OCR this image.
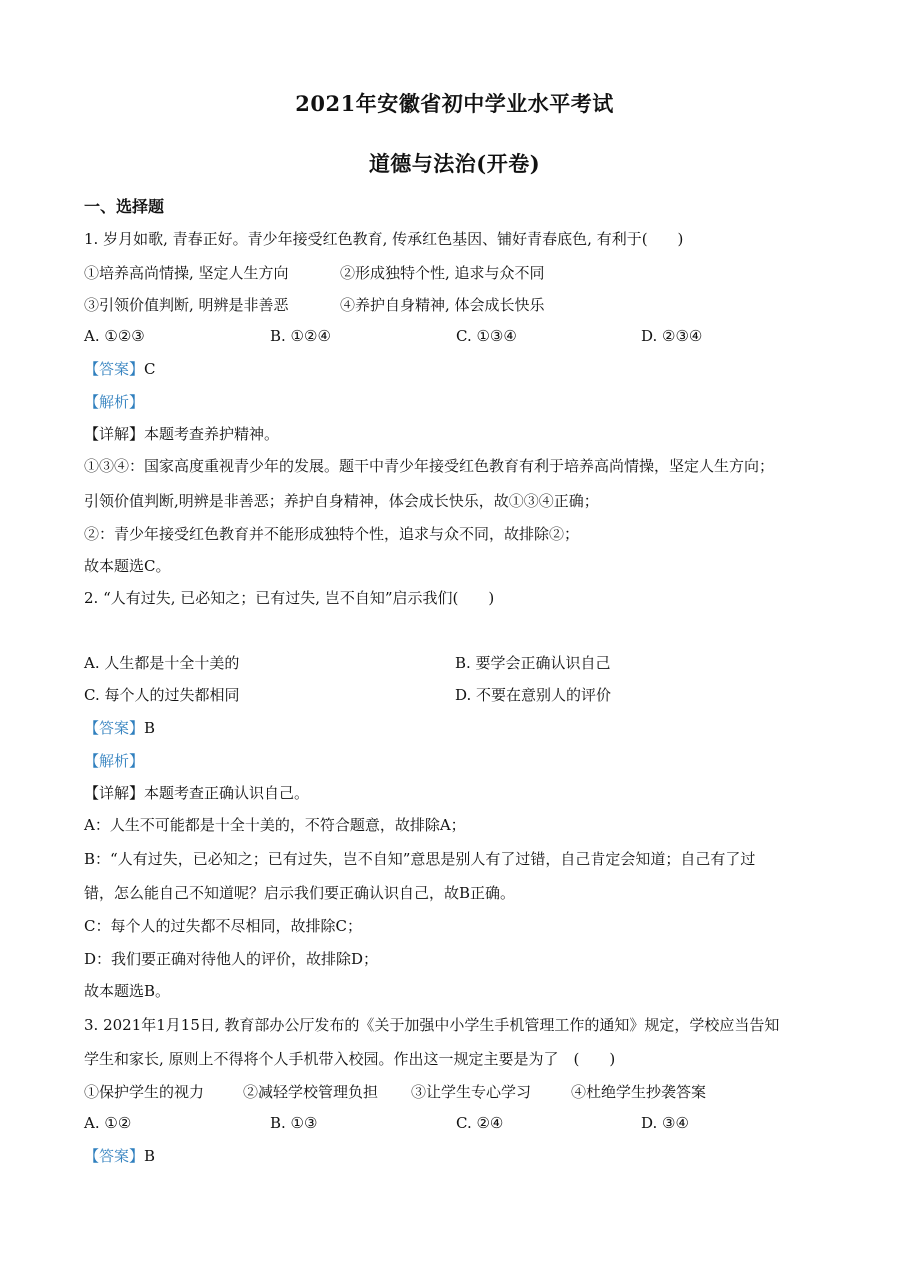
2021年安徽省初中学业水平考试
道德与法治(开卷)
一、选择题
1. 岁月如歌, 青春正好。青少年接受红色教育, 传承红色基因、铺好青春底色, 有利于(　　)
①培养高尚情操, 坚定人生方向	②形成独特个性, 追求与众不同
③引领价值判断, 明辨是非善恶	④养护自身精神, 体会成长快乐
A. ①②③	B. ①②④	C. ①③④	D. ②③④
【答案】C
【解析】
【详解】本题考查养护精神。
①③④：国家高度重视青少年的发展。题干中青少年接受红色教育有利于培养高尚情操，坚定人生方向；
引领价值判断,明辨是非善恶；养护自身精神，体会成长快乐，故①③④正确；
②：青少年接受红色教育并不能形成独特个性，追求与众不同，故排除②；
故本题选C。
2. “人有过失, 已必知之；已有过失, 岂不自知”启示我们(　　)
A. 人生都是十全十美的	B. 要学会正确认识自己
C. 每个人的过失都相同	D. 不要在意别人的评价
【答案】B
【解析】
【详解】本题考查正确认识自己。
A：人生不可能都是十全十美的，不符合题意，故排除A；
B：“人有过失，已必知之；已有过失，岂不自知”意思是别人有了过错，自己肯定会知道；自己有了过
错，怎么能自己不知道呢？启示我们要正确认识自己，故B正确。
C：每个人的过失都不尽相同，故排除C；
D：我们要正确对待他人的评价，故排除D；
故本题选B。
3. 2021年1月15日, 教育部办公厅发布的《关于加强中小学生手机管理工作的通知》规定，学校应当告知
学生和家长, 原则上不得将个人手机带入校园。作出这一规定主要是为了　(　　)
①保护学生的视力	②减轻学校管理负担 ③让学生专心学习	④杜绝学生抄袭答案
A. ①②	B. ①③	C. ②④	D. ③④
【答案】B
